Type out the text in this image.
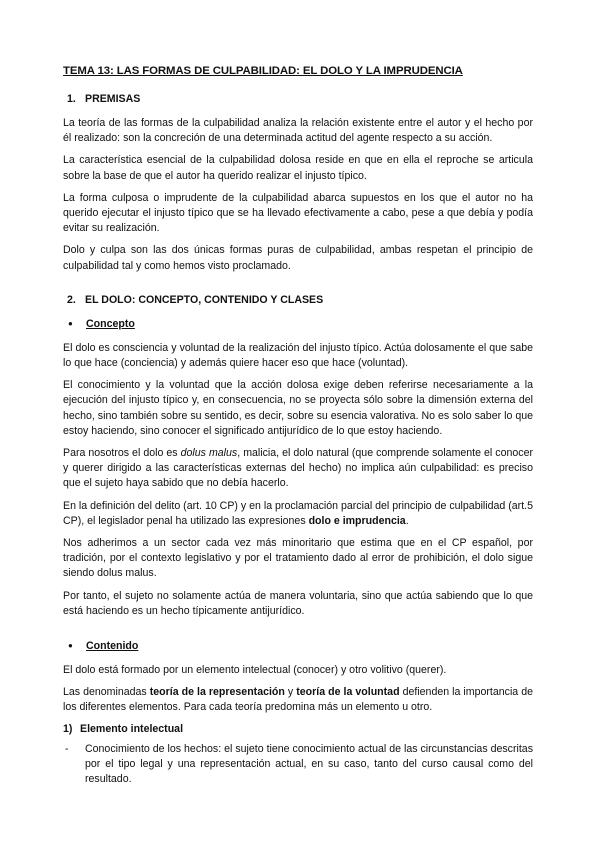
TEMA 13: LAS FORMAS DE CULPABILIDAD: EL DOLO Y LA IMPRUDENCIA
1. PREMISAS

La teoría de las formas de la culpabilidad analiza la relación existente entre el autor y el hecho por él realizado: son la concreción de una determinada actitud del agente respecto a su acción.

La característica esencial de la culpabilidad dolosa reside en que en ella el reproche se articula sobre la base de que el autor ha querido realizar el injusto típico.

La forma culposa o imprudente de la culpabilidad abarca supuestos en los que el autor no ha querido ejecutar el injusto típico que se ha llevado efectivamente a cabo, pese a que debía y podía evitar su realización.

Dolo y culpa son las dos únicas formas puras de culpabilidad, ambas respetan el principio de culpabilidad tal y como hemos visto proclamado.

2. EL DOLO: CONCEPTO, CONTENIDO Y CLASES
● Concepto

El dolo es consciencia y voluntad de la realización del injusto típico. Actúa dolosamente el que sabe lo que hace (conciencia) y además quiere hacer eso que hace (voluntad).

El conocimiento y la voluntad que la acción dolosa exige deben referirse necesariamente a la ejecución del injusto típico y, en consecuencia, no se proyecta sólo sobre la dimensión externa del hecho, sino también sobre su sentido, es decir, sobre su esencia valorativa. No es solo saber lo que estoy haciendo, sino conocer el significado antijurídico de lo que estoy haciendo.

Para nosotros el dolo es dolus malus, malicia, el dolo natural (que comprende solamente el conocer y querer dirigido a las características externas del hecho) no implica aún culpabilidad: es preciso que el sujeto haya sabido que no debía hacerlo.

En la definición del delito (art. 10 CP) y en la proclamación parcial del principio de culpabilidad (art.5 CP), el legislador penal ha utilizado las expresiones dolo e imprudencia.

Nos adherimos a un sector cada vez más minoritario que estima que en el CP español, por tradición, por el contexto legislativo y por el tratamiento dado al error de prohibición, el dolo sigue siendo dolus malus.

Por tanto, el sujeto no solamente actúa de manera voluntaria, sino que actúa sabiendo que lo que está haciendo es un hecho típicamente antijurídico.

● Contenido

El dolo está formado por un elemento intelectual (conocer) y otro volitivo (querer).

Las denominadas teoría de la representación y teoría de la voluntad defienden la importancia de los diferentes elementos. Para cada teoría predomina más un elemento u otro.

1) Elemento intelectual
-	Conocimiento de los hechos: el sujeto tiene conocimiento actual de las circunstancias descritas por el tipo legal y una representación actual, en su caso, tanto del curso causal como del resultado.
